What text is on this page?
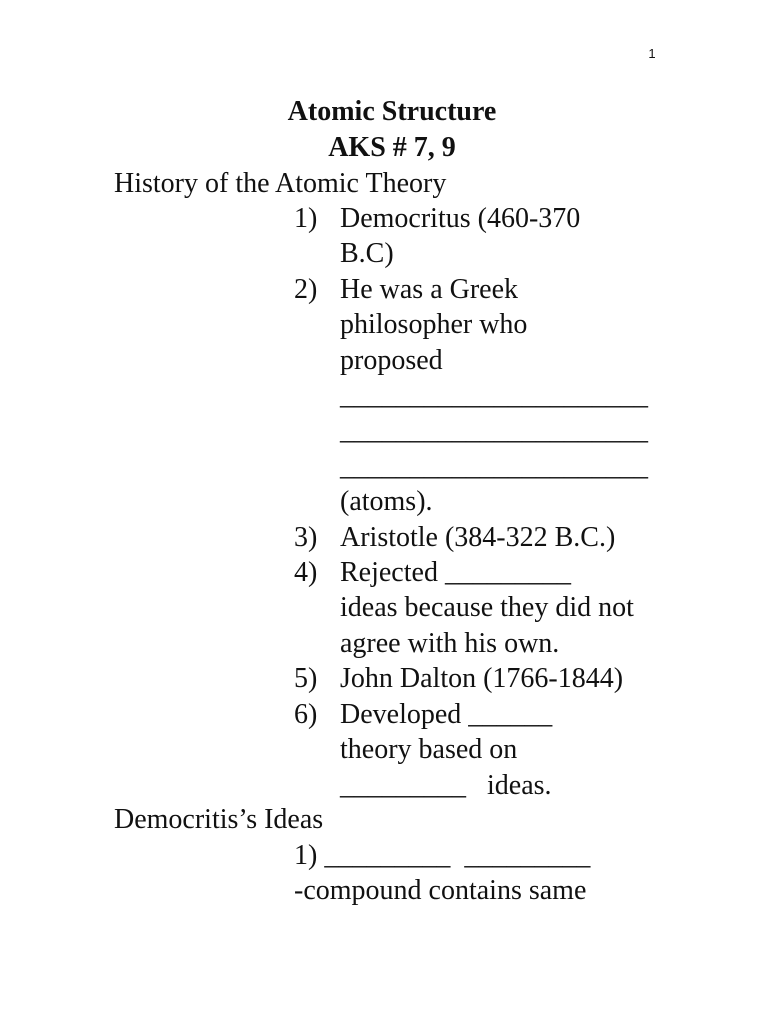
1
Atomic Structure
AKS # 7, 9
History of the Atomic Theory
1) Democritus (460-370
B.C)
2) He was a Greek
philosopher who
proposed
______________________
______________________
______________________
(atoms).
3) Aristotle (384-322 B.C.)
4) Rejected _________
ideas because they did not
agree with his own.
5) John Dalton (1766-1844)
6) Developed ______
theory based on
_________   ideas.
Democritis’s Ideas
1) _________  _________
-compound contains same
